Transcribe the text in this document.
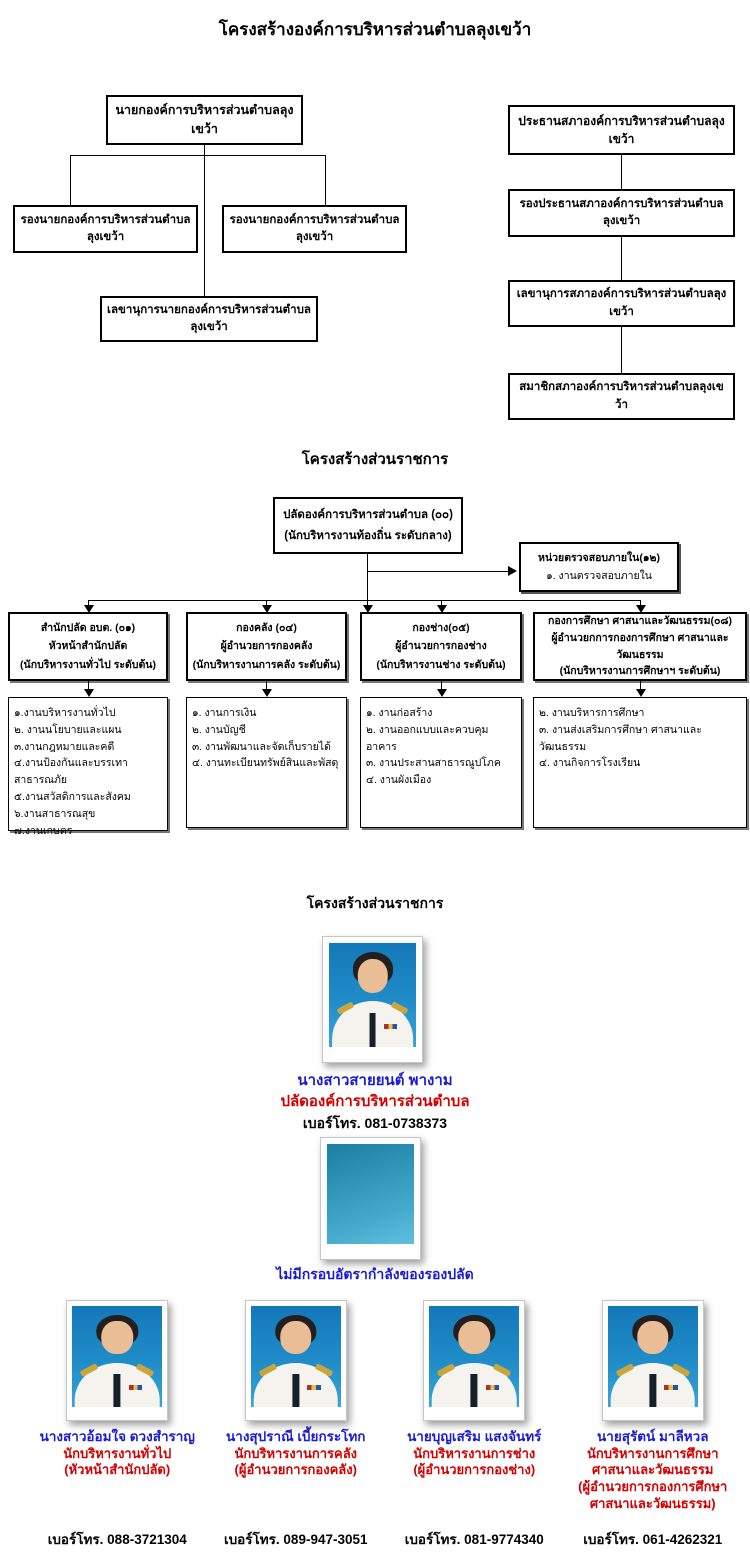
โครงสร้างองค์การบริหารส่วนตำบลลุงเขว้า
นายกองค์การบริหารส่วนตำบลลุงเขว้า
รองนายกองค์การบริหารส่วนตำบลลุงเขว้า
รองนายกองค์การบริหารส่วนตำบลลุงเขว้า
เลขานุการนายกองค์การบริหารส่วนตำบลลุงเขว้า
ประธานสภาองค์การบริหารส่วนตำบลลุงเขว้า
รองประธานสภาองค์การบริหารส่วนตำบลลุงเขว้า
เลขานุการสภาองค์การบริหารส่วนตำบลลุงเขว้า
สมาชิกสภาองค์การบริหารส่วนตำบลลุงเขว้า
โครงสร้างส่วนราชการ
ปลัดองค์การบริหารส่วนตำบล (๐๐)
(นักบริหารงานท้องถิ่น ระดับกลาง)
หน่วยตรวจสอบภายใน(๑๒)
๑. งานตรวจสอบภายใน
สำนักปลัด อบต. (๐๑)
หัวหน้าสำนักปลัด
(นักบริหารงานทั่วไป ระดับต้น)
กองคลัง (๐๔)
ผู้อำนวยการกองคลัง
(นักบริหารงานการคลัง ระดับต้น)
กองช่าง(๐๕)
ผู้อำนวยการกองช่าง
(นักบริหารงานช่าง ระดับต้น)
กองการศึกษา ศาสนาและวัฒนธรรม(๐๘)
ผู้อำนวยกการกองการศึกษา ศาสนาและวัฒนธรรม
(นักบริหารงานการศึกษาฯ ระดับต้น)
๑.งานบริหารงานทั่วไป
๒. งานนโยบายและแผน
๓.งานกฎหมายและคดี
๔.งานป้องกันและบรรเทาสาธารณภัย
๕.งานสวัสดิการและสังคม
๖.งานสาธารณสุข
๗.งานเกษตร
๑. งานการเงิน
๒. งานบัญชี
๓. งานพัฒนาและจัดเก็บรายได้
๔. งานทะเบียนทรัพย์สินและพัสดุ
๑. งานก่อสร้าง
๒. งานออกแบบและควบคุมอาคาร
๓. งานประสานสาธารณูปโภค
๔. งานผังเมือง
๒. งานบริหารการศึกษา
๓. งานส่งเสริมการศึกษา ศาสนาและวัฒนธรรม
๔. งานกิจการโรงเรียน
โครงสร้างส่วนราชการ
นางสาวสายยนต์ พางาม
ปลัดองค์การบริหารส่วนตำบล
เบอร์โทร. 081-0738373
ไม่มีกรอบอัตรากำลังของรองปลัด
นางสาวอ้อมใจ ดวงสำราญ
นักบริหารงานทั่วไป
(หัวหน้าสำนักปลัด)
เบอร์โทร. 088-3721304
นางสุปราณี เบี้ยกระโทก
นักบริหารงานการคลัง
(ผู้อำนวยการกองคลัง)
เบอร์โทร. 089-947-3051
นายบุญเสริม แสงจันทร์
นักบริหารงานการช่าง
(ผู้อำนวยการกองช่าง)
เบอร์โทร. 081-9774340
นายสุรัตน์ มาลีหวล
นักบริหารงานการศึกษา
ศาสนาและวัฒนธรรม
(ผู้อำนวยการกองการศึกษา
ศาสนาและวัฒนธรรม)
เบอร์โทร. 061-4262321
